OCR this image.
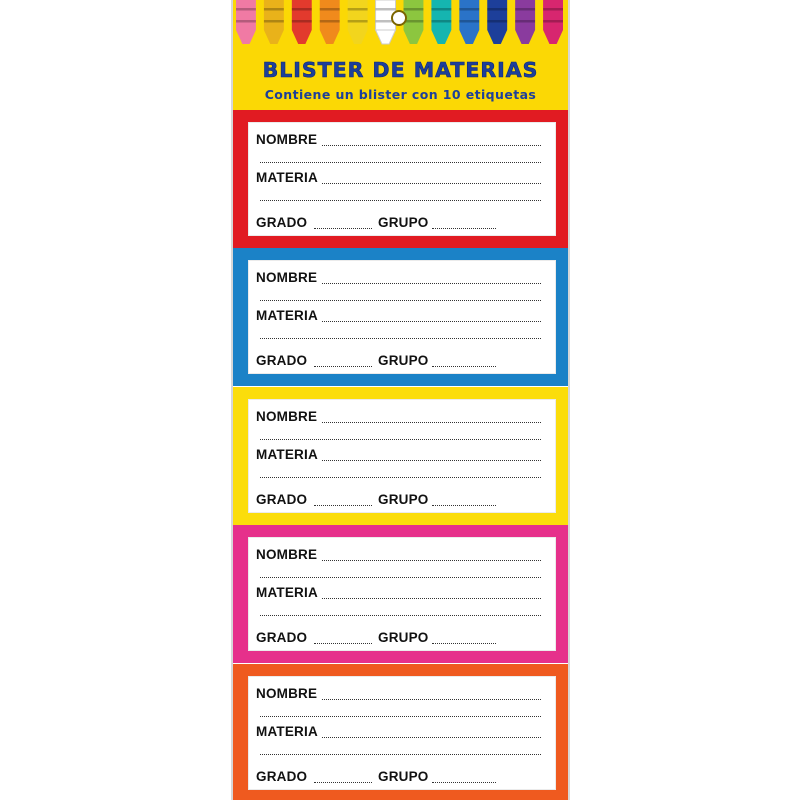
BLISTER DE MATERIAS
Contiene un blister con 10 etiquetas
NOMBRE
MATERIA
GRADO	GRUPO
NOMBRE
MATERIA
GRADO	GRUPO
NOMBRE
MATERIA
GRADO	GRUPO
NOMBRE
MATERIA
GRADO	GRUPO
NOMBRE
MATERIA
GRADO	GRUPO
